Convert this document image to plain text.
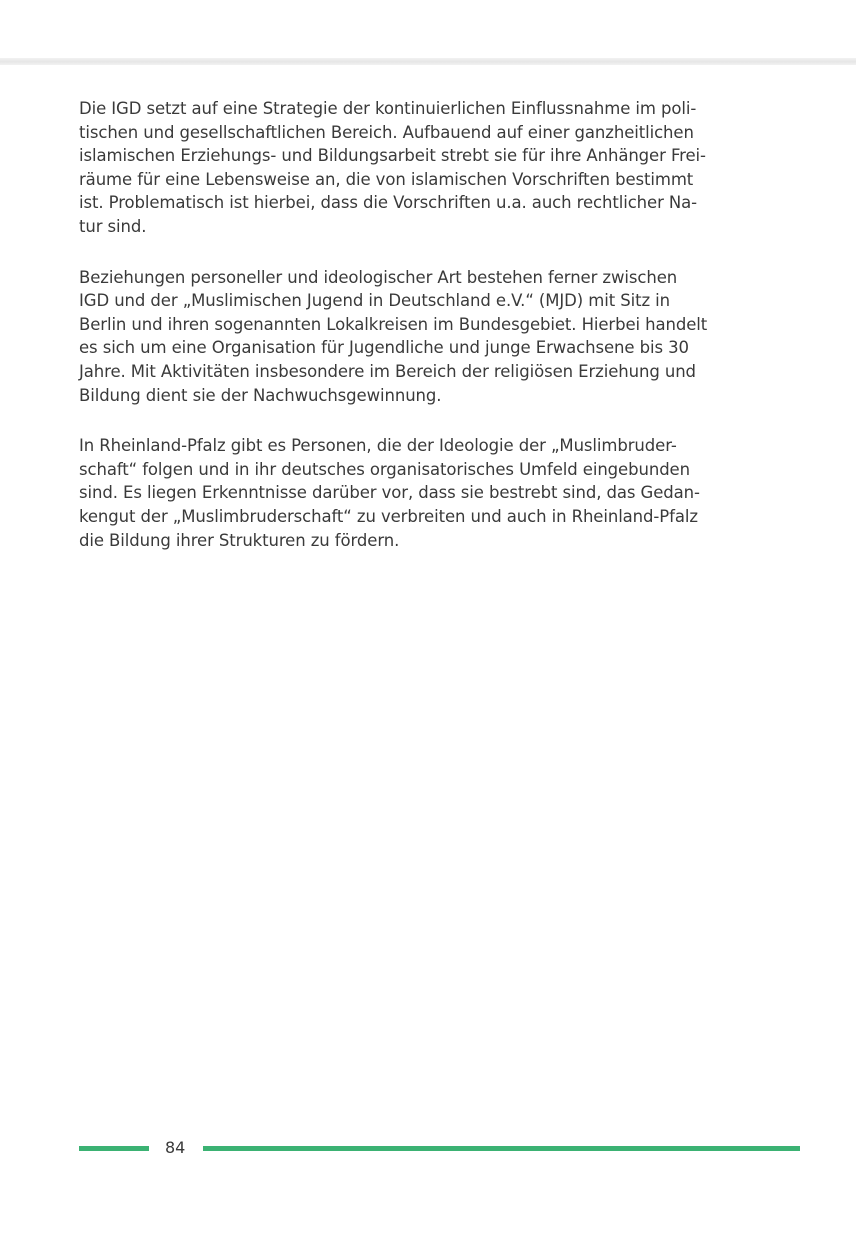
Die IGD setzt auf eine Strategie der kontinuierlichen Einflussnahme im poli-
tischen und gesellschaftlichen Bereich. Aufbauend auf einer ganzheitlichen
islamischen Erziehungs- und Bildungsarbeit strebt sie für ihre Anhänger Frei-
räume für eine Lebensweise an, die von islamischen Vorschriften bestimmt
ist. Problematisch ist hierbei, dass die Vorschriften u.a. auch rechtlicher Na-
tur sind.

Beziehungen personeller und ideologischer Art bestehen ferner zwischen
IGD und der „Muslimischen Jugend in Deutschland e.V.“ (MJD) mit Sitz in
Berlin und ihren sogenannten Lokalkreisen im Bundesgebiet. Hierbei handelt
es sich um eine Organisation für Jugendliche und junge Erwachsene bis 30
Jahre. Mit Aktivitäten insbesondere im Bereich der religiösen Erziehung und
Bildung dient sie der Nachwuchsgewinnung.

In Rheinland-Pfalz gibt es Personen, die der Ideologie der „Muslimbruder-
schaft“ folgen und in ihr deutsches organisatorisches Umfeld eingebunden
sind. Es liegen Erkenntnisse darüber vor, dass sie bestrebt sind, das Gedan-
kengut der „Muslimbruderschaft“ zu verbreiten und auch in Rheinland-Pfalz
die Bildung ihrer Strukturen zu fördern.

84
